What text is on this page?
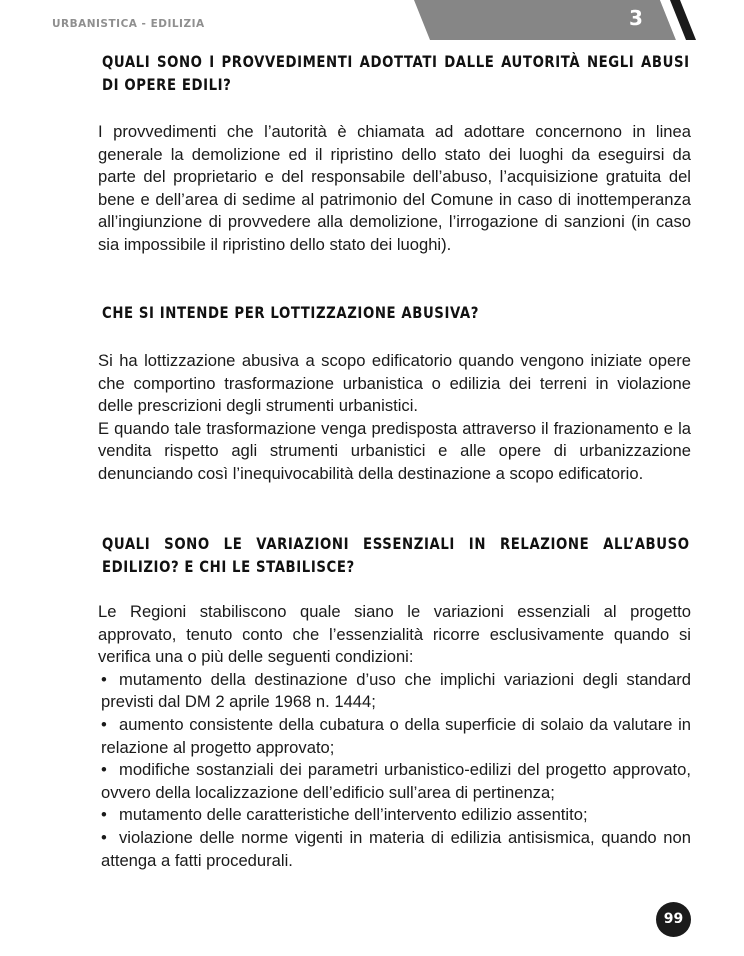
URBANISTICA - EDILIZIA	3
QUALI SONO I PROVVEDIMENTI ADOTTATI DALLE AUTORITÀ NEGLI ABUSI DI OPERE EDILI?

I provvedimenti che l’autorità è chiamata ad adottare concernono in linea generale la demolizione ed il ripristino dello stato dei luoghi da eseguirsi da parte del proprietario e del responsabile dell’abuso, l’acquisizione gratuita del bene e dell’area di sedime al patrimonio del Comune in caso di inottemperanza all’ingiunzione di provvedere alla demolizione, l’irrogazione di sanzioni (in caso sia impossibile il ripristino dello stato dei luoghi).

CHE SI INTENDE PER LOTTIZZAZIONE ABUSIVA?

Si ha lottizzazione abusiva a scopo edificatorio quando vengono iniziate opere che comportino trasformazione urbanistica o edilizia dei terreni in violazione delle prescrizioni degli strumenti urbanistici.

E quando tale trasformazione venga predisposta attraverso il frazionamento e la vendita rispetto agli strumenti urbanistici e alle opere di urbanizzazione denunciando così l’inequivocabilità della destinazione a scopo edificatorio.

QUALI SONO LE VARIAZIONI ESSENZIALI IN RELAZIONE ALL’ABUSO EDILIZIO? E CHI LE STABILISCE?

Le Regioni stabiliscono quale siano le variazioni essenziali al progetto approvato, tenuto conto che l’essenzialità ricorre esclusivamente quando si verifica una o più delle seguenti condizioni:

• mutamento della destinazione d’uso che implichi variazioni degli standard previsti dal DM 2 aprile 1968 n. 1444;
• aumento consistente della cubatura o della superficie di solaio da valutare in relazione al progetto approvato;
• modifiche sostanziali dei parametri urbanistico-edilizi del progetto approvato, ovvero della localizzazione dell’edificio sull’area di pertinenza;
• mutamento delle caratteristiche dell’intervento edilizio assentito;
• violazione delle norme vigenti in materia di edilizia antisismica, quando non attenga a fatti procedurali.
99
